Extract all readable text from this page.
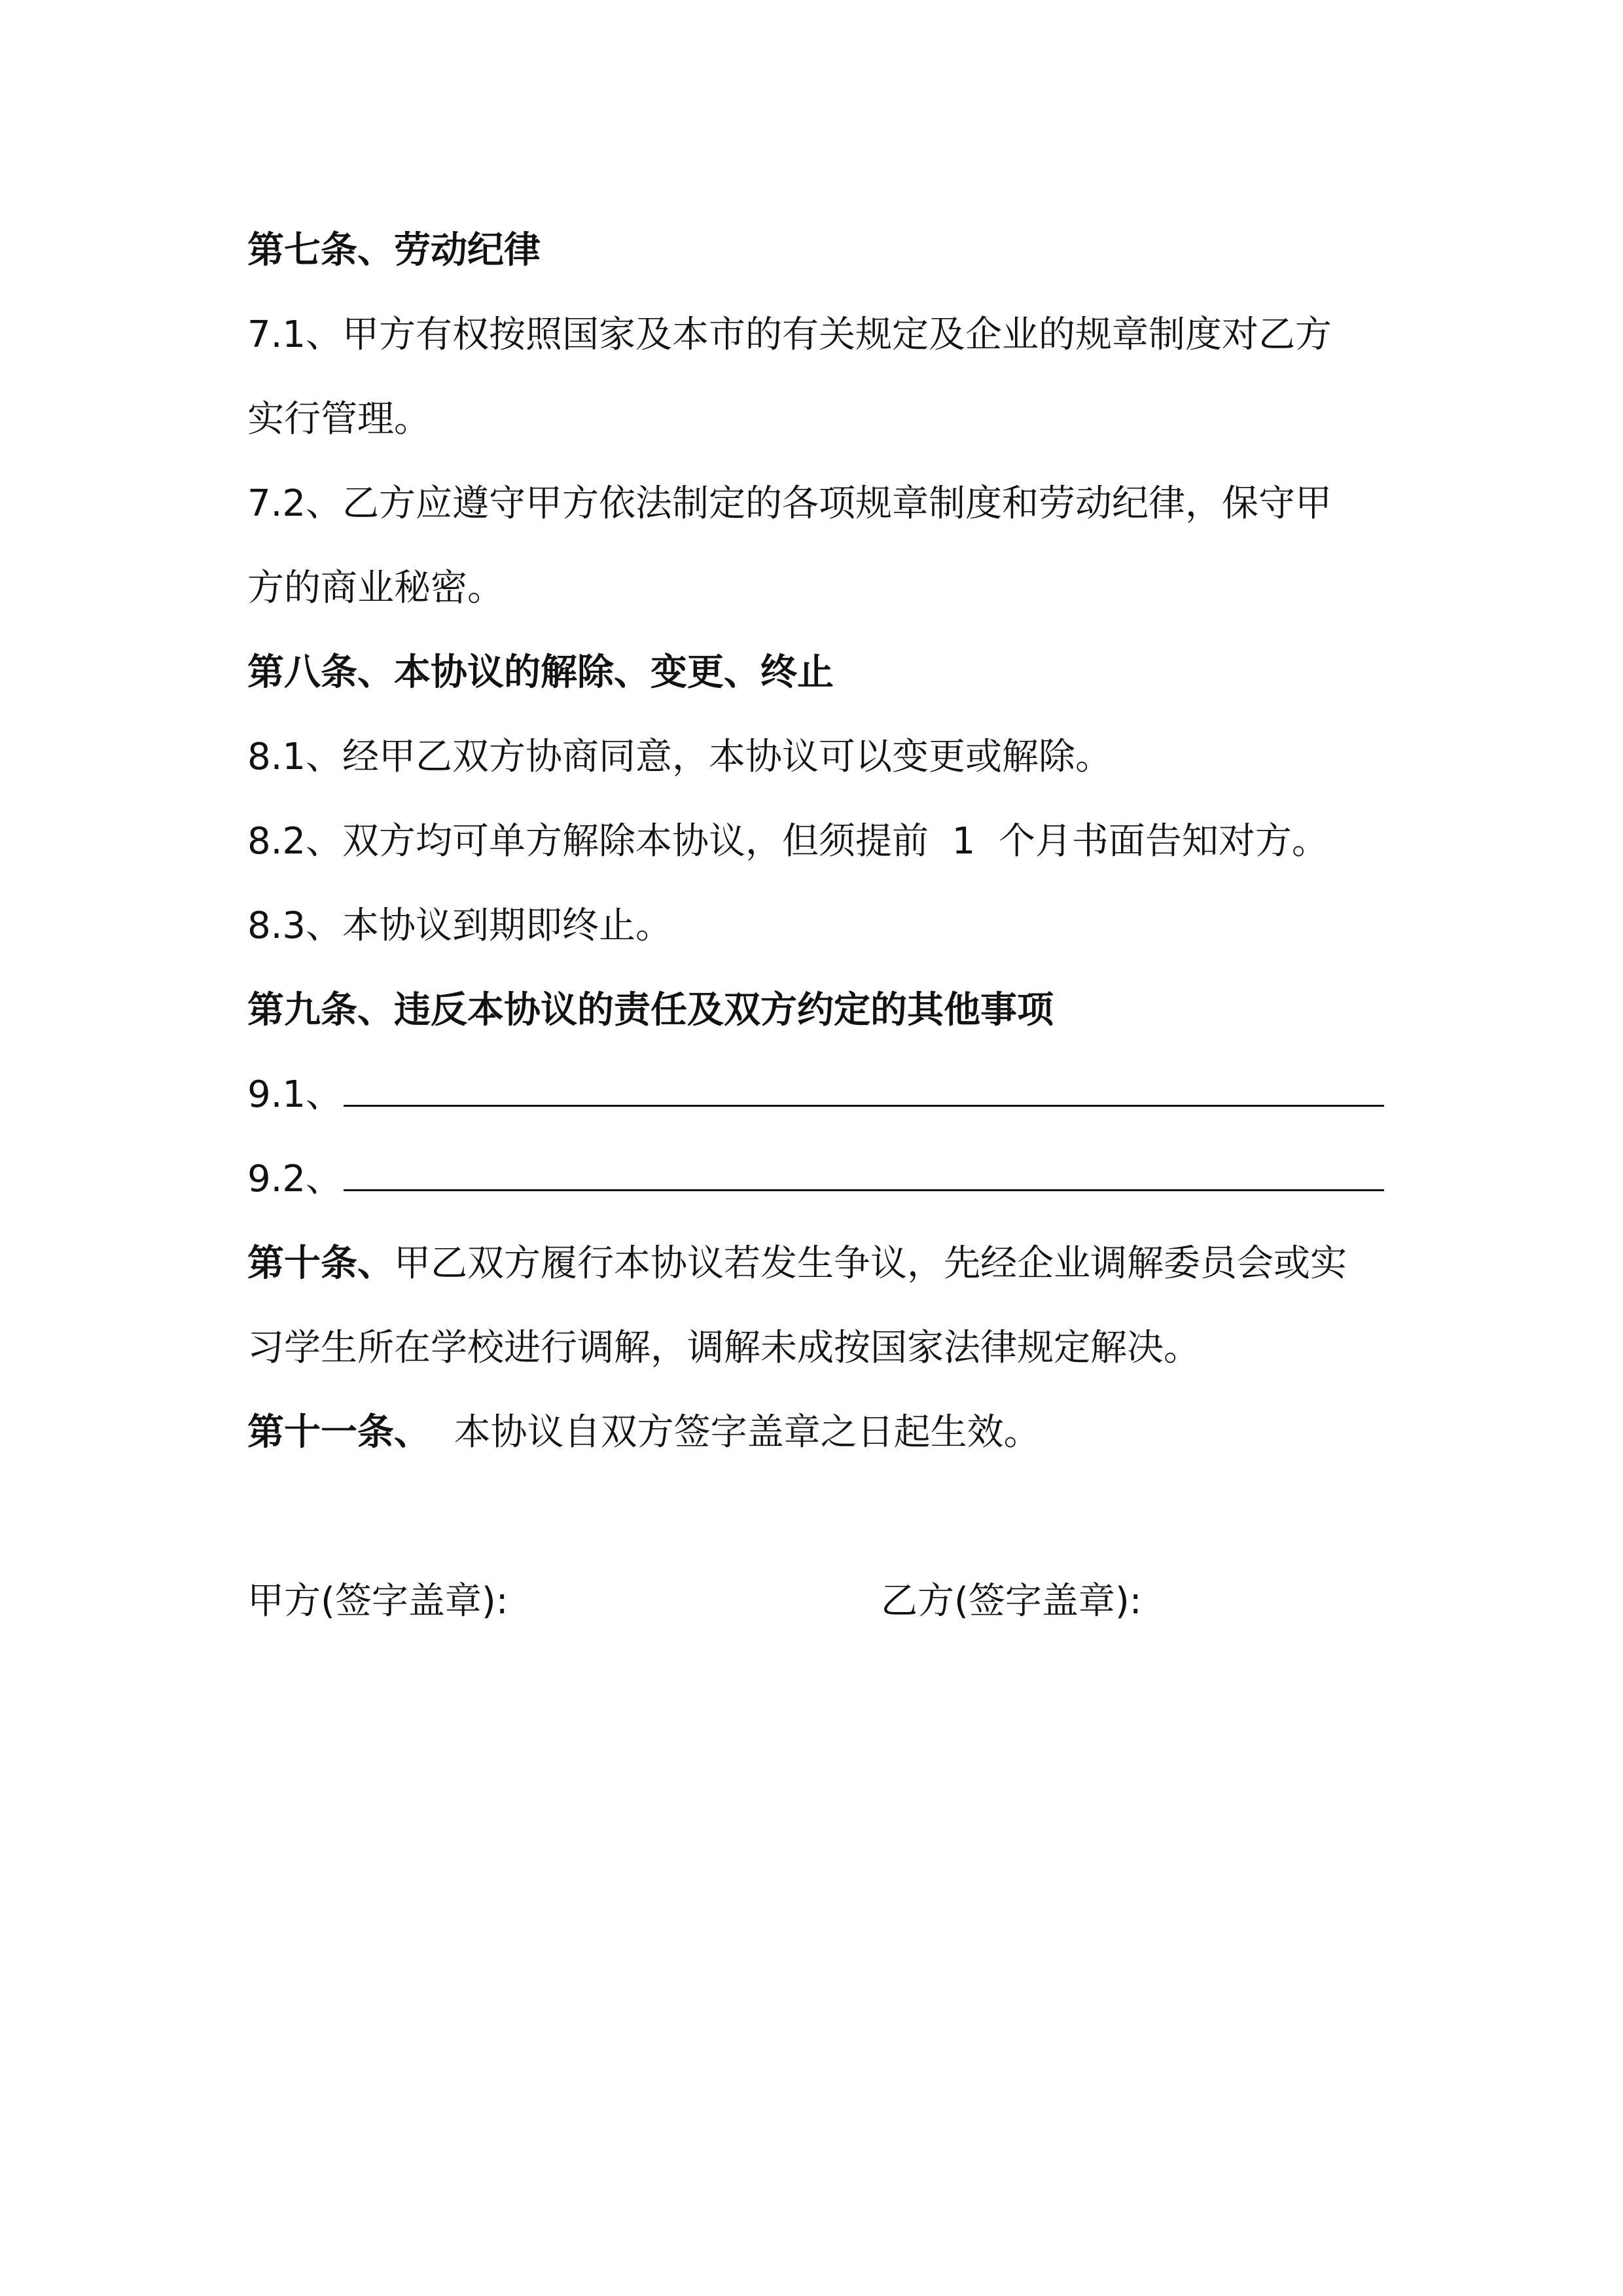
第七条、劳动纪律

7.1、甲方有权按照国家及本市的有关规定及企业的规章制度对乙方

实行管理。

7.2、乙方应遵守甲方依法制定的各项规章制度和劳动纪律，保守甲

方的商业秘密。

第八条、本协议的解除、变更、终止

8.1、经甲乙双方协商同意，本协议可以变更或解除。

8.2、双方均可单方解除本协议，但须提前  1  个月书面告知对方。

8.3、本协议到期即终止。

第九条、违反本协议的责任及双方约定的其他事项

9.1、
9.2、

第十条、甲乙双方履行本协议若发生争议，先经企业调解委员会或实

习学生所在学校进行调解，调解未成按国家法律规定解决。

第十一条、  本协议自双方签字盖章之日起生效。

甲方(签字盖章):	乙方(签字盖章):
